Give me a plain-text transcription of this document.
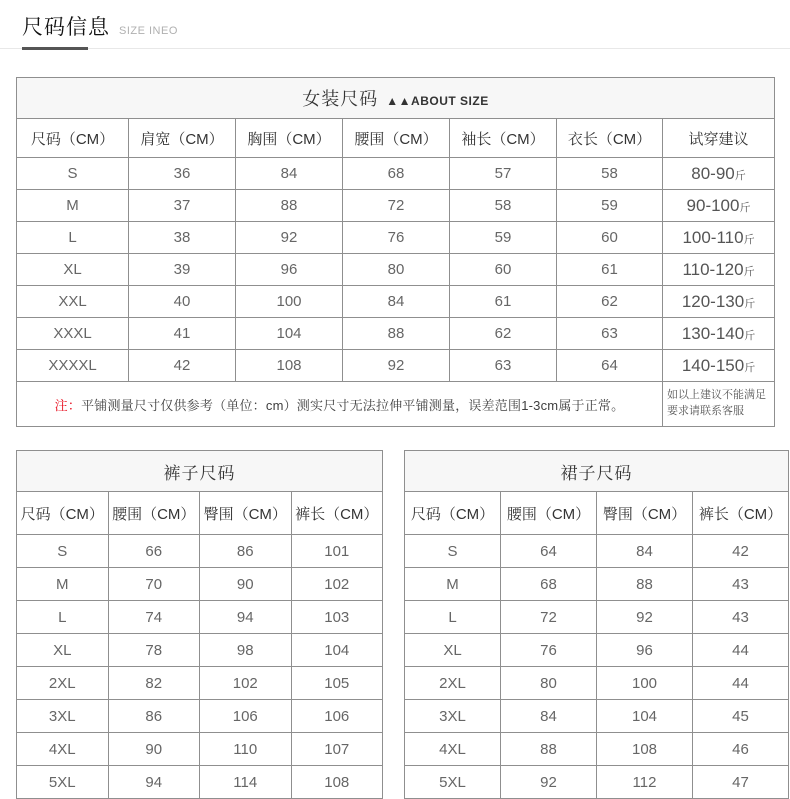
尺码信息 SIZE INEO
女装尺码 ▲▲ABOUT SIZE						
尺码（CM）	肩宽（CM）	胸围（CM）	腰围（CM）	袖长（CM）	衣长（CM）	试穿建议
S	36	84	68	57	58	80-90斤
M	37	88	72	58	59	90-100斤
L	38	92	76	59	60	100-110斤
XL	39	96	80	60	61	110-120斤
XXL	40	100	84	61	62	120-130斤
XXXL	41	104	88	62	63	130-140斤
XXXXL	42	108	92	63	64	140-150斤
注：平铺测量尺寸仅供参考（单位：cm）测实尺寸无法拉伸平铺测量，误差范围1-3cm属于正常。						如以上建议不能满足要求请联系客服
裤子尺码			
尺码（CM）	腰围（CM）	臀围（CM）	裤长（CM）
S	66	86	101
M	70	90	102
L	74	94	103
XL	78	98	104
2XL	82	102	105
3XL	86	106	106
4XL	90	110	107
5XL	94	114	108
裙子尺码			
尺码（CM）	腰围（CM）	臀围（CM）	裤长（CM）
S	64	84	42
M	68	88	43
L	72	92	43
XL	76	96	44
2XL	80	100	44
3XL	84	104	45
4XL	88	108	46
5XL	92	112	47
